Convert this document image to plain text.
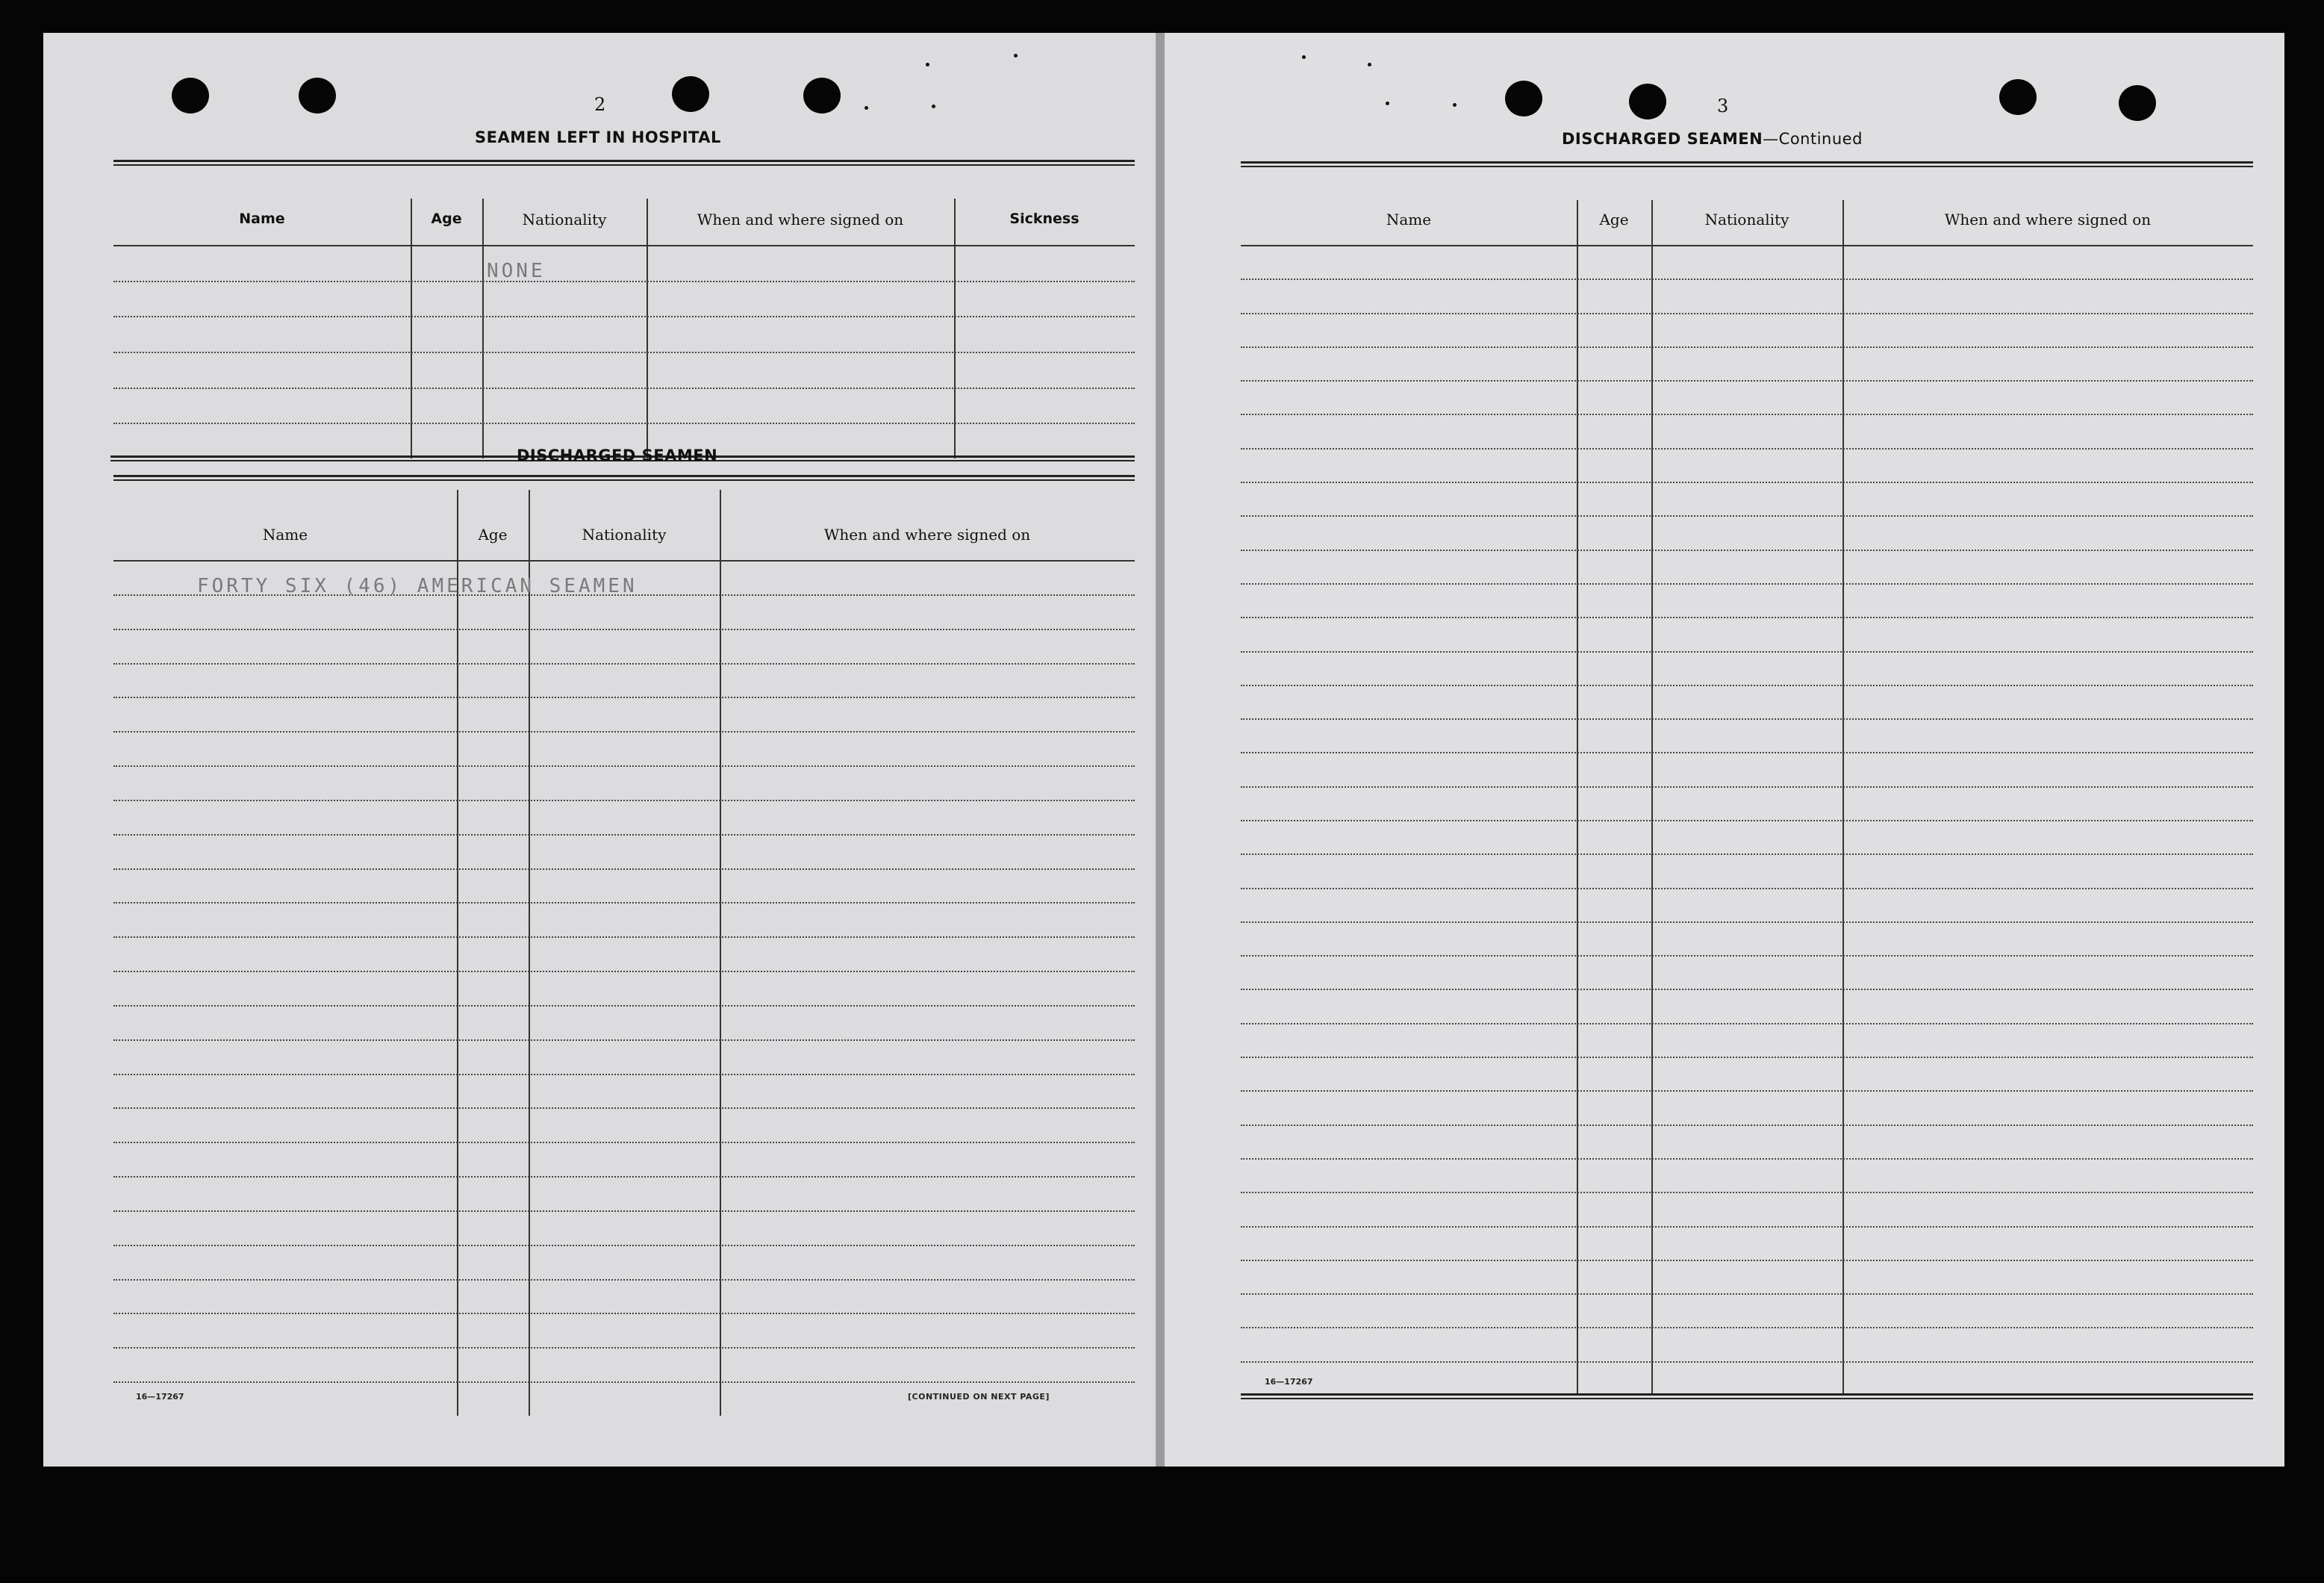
2
SEAMEN LEFT IN HOSPITAL
Name	Age	Nationality	When and where signed on	Sickness
NONE
DISCHARGED SEAMEN
Name	Age	Nationality	When and where signed on
FORTY SIX (46) AMERICAN SEAMEN
16—17267	[CONTINUED ON NEXT PAGE]
3
DISCHARGED SEAMEN—Continued
Name	Age	Nationality	When and where signed on
16—17267
